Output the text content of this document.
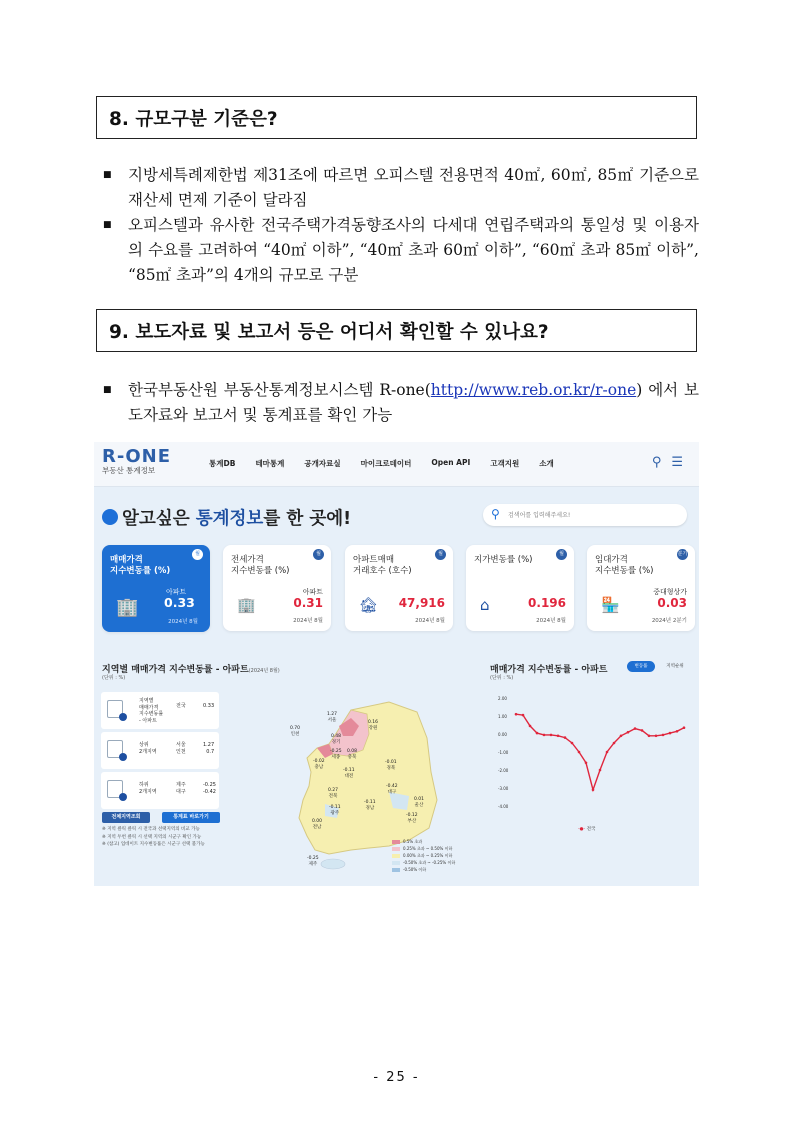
8. 규모구분 기준은?
■ 지방세특례제한법 제31조에 따르면 오피스텔 전용면적 40㎡, 60㎡, 85㎡ 기준으로 재산세 면제 기준이 달라짐
■ 오피스텔과 유사한 전국주택가격동향조사의 다세대 연립주택과의 통일성 및 이용자의 수요를 고려하여 “40㎡ 이하”, “40㎡ 초과 60㎡ 이하”, “60㎡ 초과 85㎡ 이하”, “85㎡ 초과”의 4개의 규모로 구분
9. 보도자료 및 보고서 등은 어디서 확인할 수 있나요?
■ 한국부동산원 부동산통계정보시스템 R-one(http://www.reb.or.kr/r-one) 에서 보도자료와 보고서 및 통계표를 확인 가능
R-ONE
부동산 통계정보
통계DB	테마통계	공개자료실	마이크로데이터	Open API	고객지원	소개	⚲ ☰
알고싶은 통계정보를 한 곳에!	⚲ 검색어를 입력해주세요!
매매가격
지수변동률 (%)
월
🏢
아파트
0.33
2024년 8월
전세가격
지수변동률 (%)
월
🏢
아파트
0.31
2024년 8월
아파트매매
거래호수 (호수)
월
🏚 47,916
2024년 8월
지가변동률 (%)
월
⌂	0.196
2024년 8월
임대가격
지수변동률 (%)
분기
🏪
중대형상가
0.03
2024년 2분기
지역별 매매가격 지수변동률 - 아파트(2024년 8월)
(단위 : %)
지역별
매매가격
지수변동률
- 아파트
전국	0.33
상위
2개지역
서울
인천
1.27
0.7
하위
2개지역
제주
대구
-0.25
-0.42
전체지역조회	통계표 바로가기
※ 지역 클릭 클릭 시 전국과 선택지역의 비교 가능
※ 지역 두번 클릭 시 선택 지역의 시군구 확인 가능
※ (참고) 업데이트 지수변동률은 시군구 선택 불가능
1.27
서울
0.70
인천
0.16
강원
0.48
경기
-0.25
세종
0.08
충북
-0.02
충남
-0.11
대전
-0.01
경북
0.27
전북
-0.42
대구
-0.11
광주
-0.11
경남
0.01
울산
0.00
전남
-0.12
부산
-0.25
제주
0.5% 초과
0.25% 초과 ~ 0.50% 이하
0.00% 초과 ~ 0.25% 이하
-0.50% 초과 ~ -0.25% 이하
-0.50% 이하
매매가격 지수변동률 - 아파트
(단위 : %)
변동률	지역순위
2.00
1.00
0.00
-1.00
-2.00
-3.00
-4.00
-●- 전국
- 25 -
